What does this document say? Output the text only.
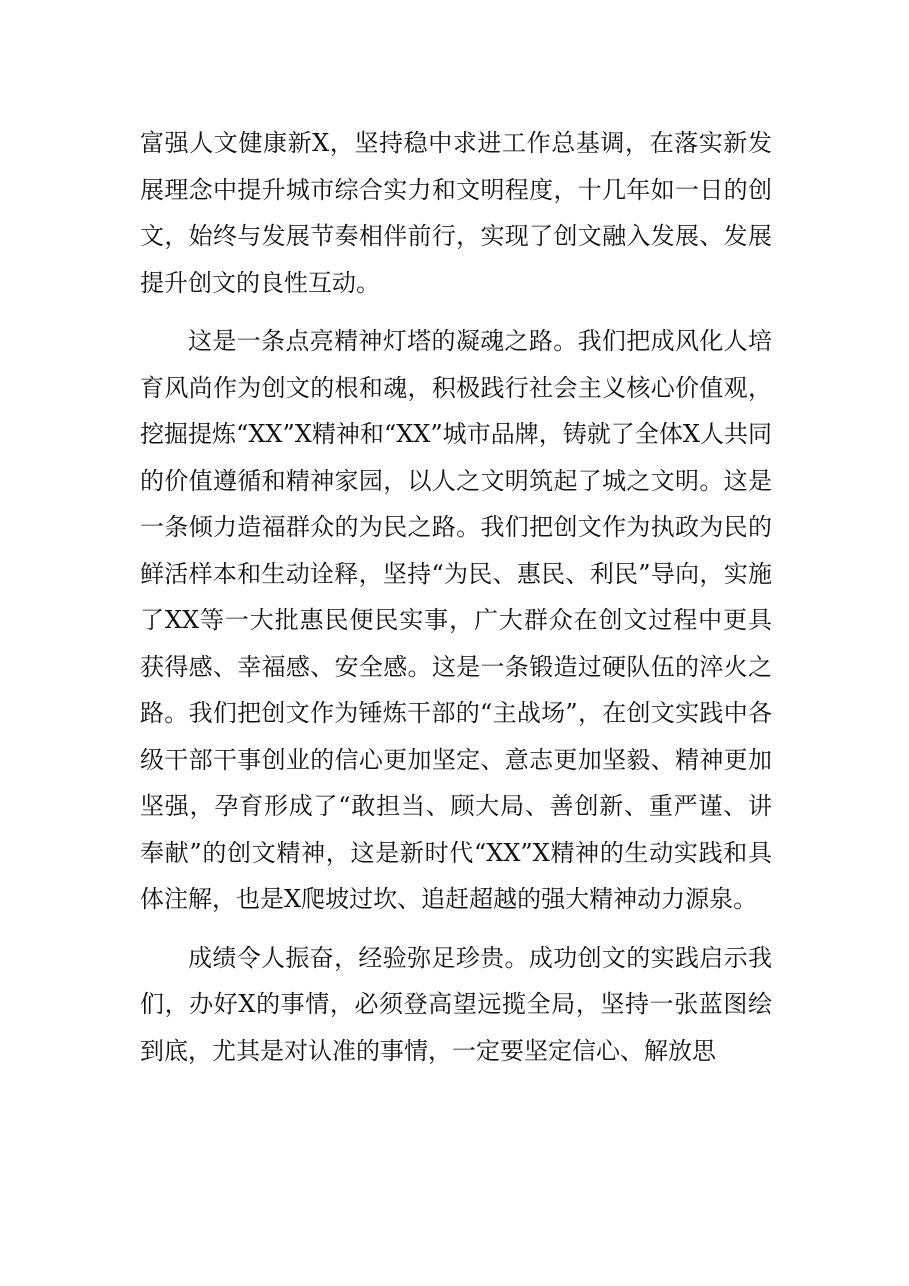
富强人文健康新X，坚持稳中求进工作总基调，在落实新发展理念中提升城市综合实力和文明程度，十几年如一日的创文，始终与发展节奏相伴前行，实现了创文融入发展、发展提升创文的良性互动。

这是一条点亮精神灯塔的凝魂之路。我们把成风化人培育风尚作为创文的根和魂，积极践行社会主义核心价值观，挖掘提炼“XX”X精神和“XX”城市品牌，铸就了全体X人共同的价值遵循和精神家园，以人之文明筑起了城之文明。这是一条倾力造福群众的为民之路。我们把创文作为执政为民的鲜活样本和生动诠释，坚持“为民、惠民、利民”导向，实施了XX等一大批惠民便民实事，广大群众在创文过程中更具获得感、幸福感、安全感。这是一条锻造过硬队伍的淬火之路。我们把创文作为锤炼干部的“主战场”，在创文实践中各级干部干事创业的信心更加坚定、意志更加坚毅、精神更加坚强，孕育形成了“敢担当、顾大局、善创新、重严谨、讲奉献”的创文精神，这是新时代“XX”X精神的生动实践和具体注解，也是X爬坡过坎、追赶超越的强大精神动力源泉。

成绩令人振奋，经验弥足珍贵。成功创文的实践启示我们，办好X的事情，必须登高望远揽全局，坚持一张蓝图绘到底，尤其是对认准的事情，一定要坚定信心、解放思
